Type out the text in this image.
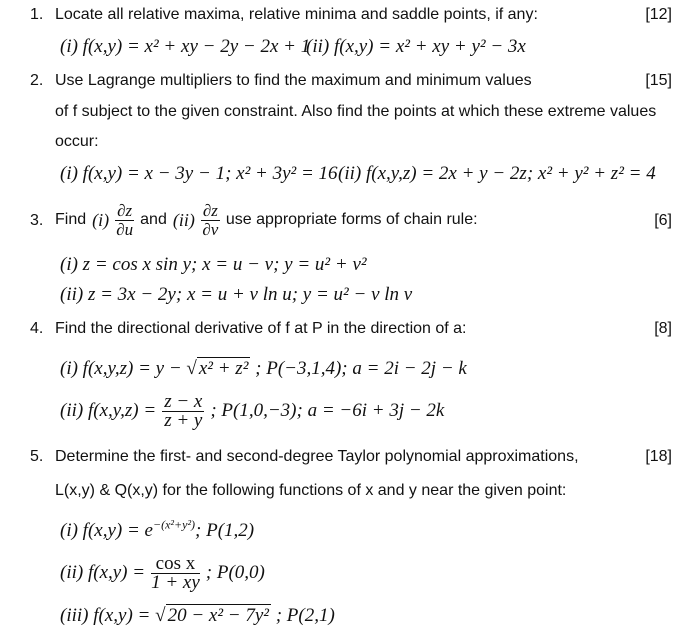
1. Locate all relative maxima, relative minima and saddle points, if any:	[12]
(i) f(x,y) = x² + xy − 2y − 2x + 1
(ii) f(x,y) = x² + xy + y² − 3x
2. Use Lagrange multipliers to find the maximum and minimum values	[15]
of f subject to the given constraint. Also find the points at which these extreme values
occur:
(i) f(x,y) = x − 3y − 1; x² + 3y² = 16 (ii) f(x,y,z) = 2x + y − 2z; x² + y² + z² = 4
3. Find $(i) \frac{\partial z}{\partial u}$ and $(ii) \frac{\partial z}{\partial v}$ use appropriate forms of chain rule:	[6]
(i) z = cos x sin y; x = u − v; y = u² + v²
(ii) z = 3x − 2y; x = u + v ln u; y = u² − v ln v
4. Find the directional derivative of f at P in the direction of a:	[8]
(i) f(x,y,z) = y − √ x² + z² ; P(−3,1,4); a = 2i − 2j − k
(ii) $f(x,y,z) = \frac{z - x}{z + y}$ ; P(1,0,−3); a = −6i + 3j − 2k
5. Determine the first- and second-degree Taylor polynomial approximations,	[18]
L(x,y) & Q(x,y) for the following functions of x and y near the given point:
(i) $f(x,y) = e^{-(x^2+y^2)}$; P(1,2)
(ii) $f(x,y) = \frac{\text{cos x}}{1 + xy}$ ; P(0,0)
(iii) f(x,y) = √ 20 − x² − 7y² ; P(2,1)
